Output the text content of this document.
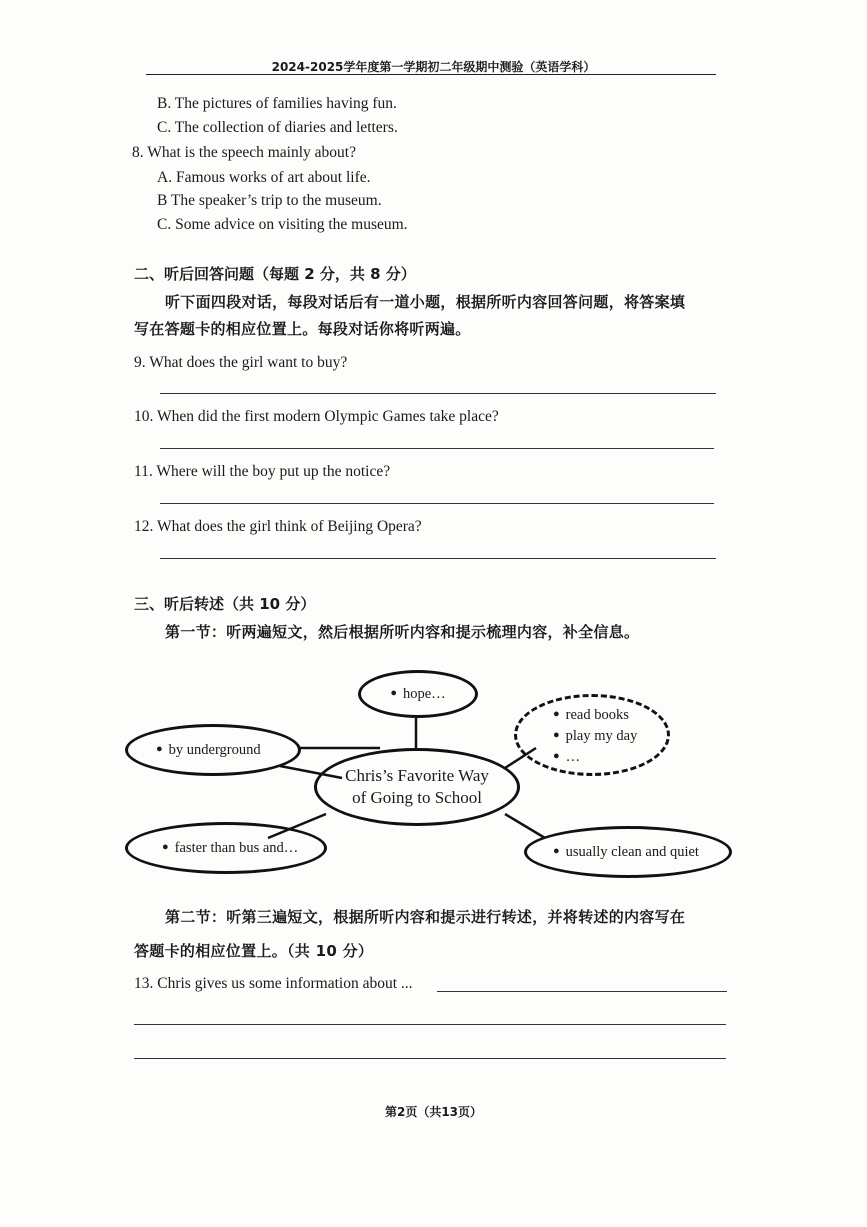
2024-2025学年度第一学期初二年级期中测验（英语学科）
B. The pictures of families having fun.
C. The collection of diaries and letters.
8. What is the speech mainly about?
A. Famous works of art about life.
B The speaker’s trip to the museum.
C. Some advice on visiting the museum.
二、听后回答问题（每题 2 分，共 8 分）
听下面四段对话，每段对话后有一道小题，根据所听内容回答问题，将答案填
写在答题卡的相应位置上。每段对话你将听两遍。
9. What does the girl want to buy?
10. When did the first modern Olympic Games take place?
11. Where will the boy put up the notice?
12. What does the girl think of Beijing Opera?
三、听后转述（共 10 分）
第一节：听两遍短文，然后根据所听内容和提示梳理内容，补全信息。
● hope…
● by underground
Chris’s Favorite Way
of Going to School
● read books
● play my day
● …
● faster than bus and…
●	usually clean and quiet
第二节：听第三遍短文，根据所听内容和提示进行转述，并将转述的内容写在
答题卡的相应位置上。（共 10 分）
13. Chris gives us some information about ...
第2页（共13页）
